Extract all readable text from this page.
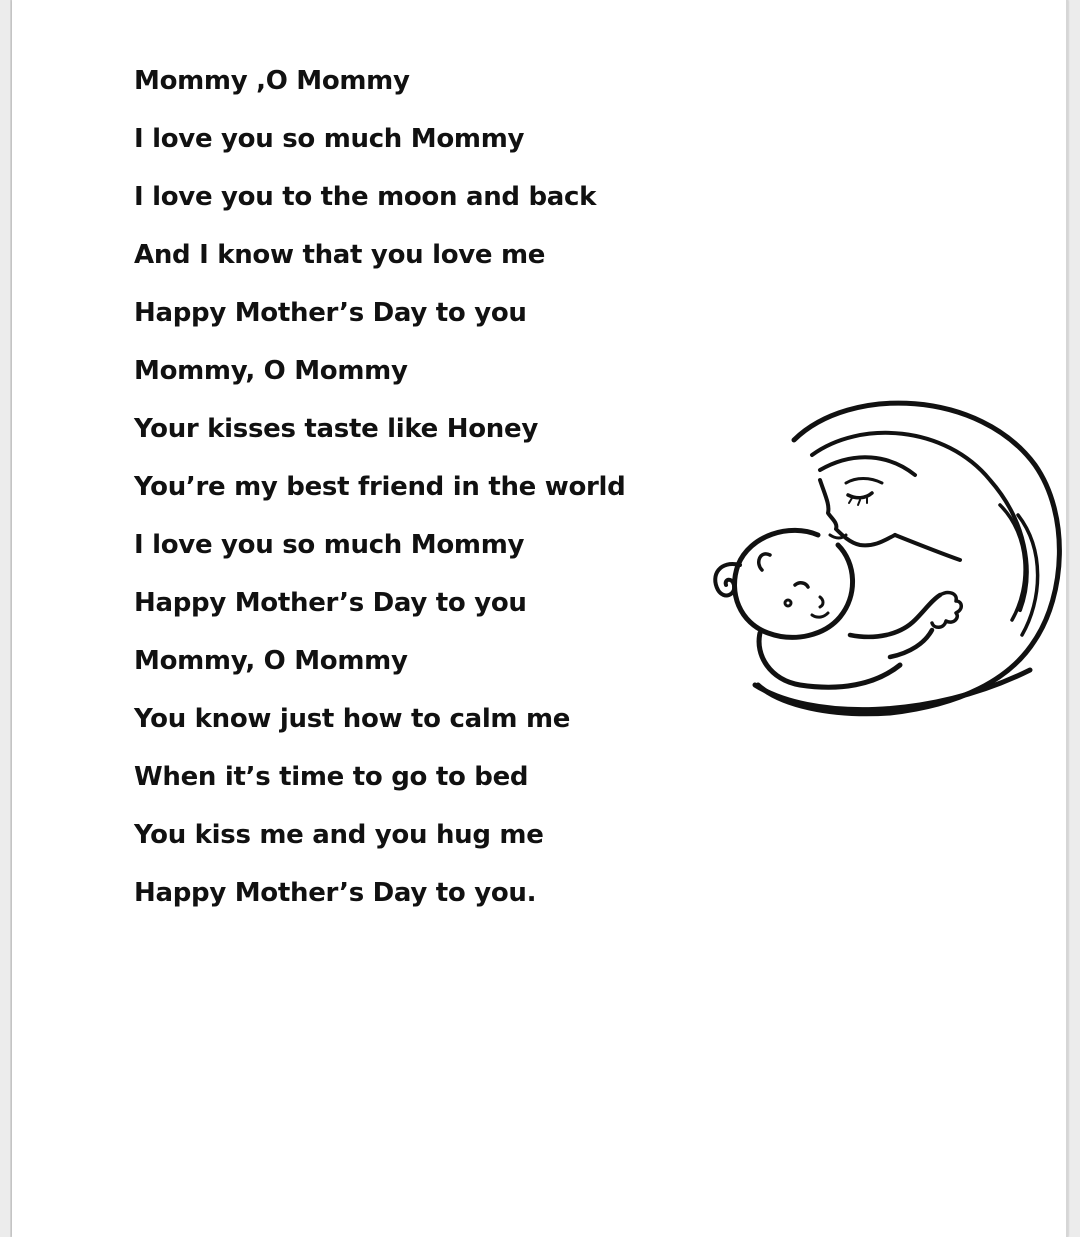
Mommy ,O Mommy
I love you so much Mommy
I love you to the moon and back
And I know that you love me
Happy Mother’s Day to you
Mommy, O Mommy
Your kisses taste like Honey
You’re my best friend in the world
I love you so much Mommy
Happy Mother’s Day to you
Mommy, O Mommy
You know just how to calm me
When it’s time to go to bed
You kiss me and you hug me
Happy Mother’s Day to you.
